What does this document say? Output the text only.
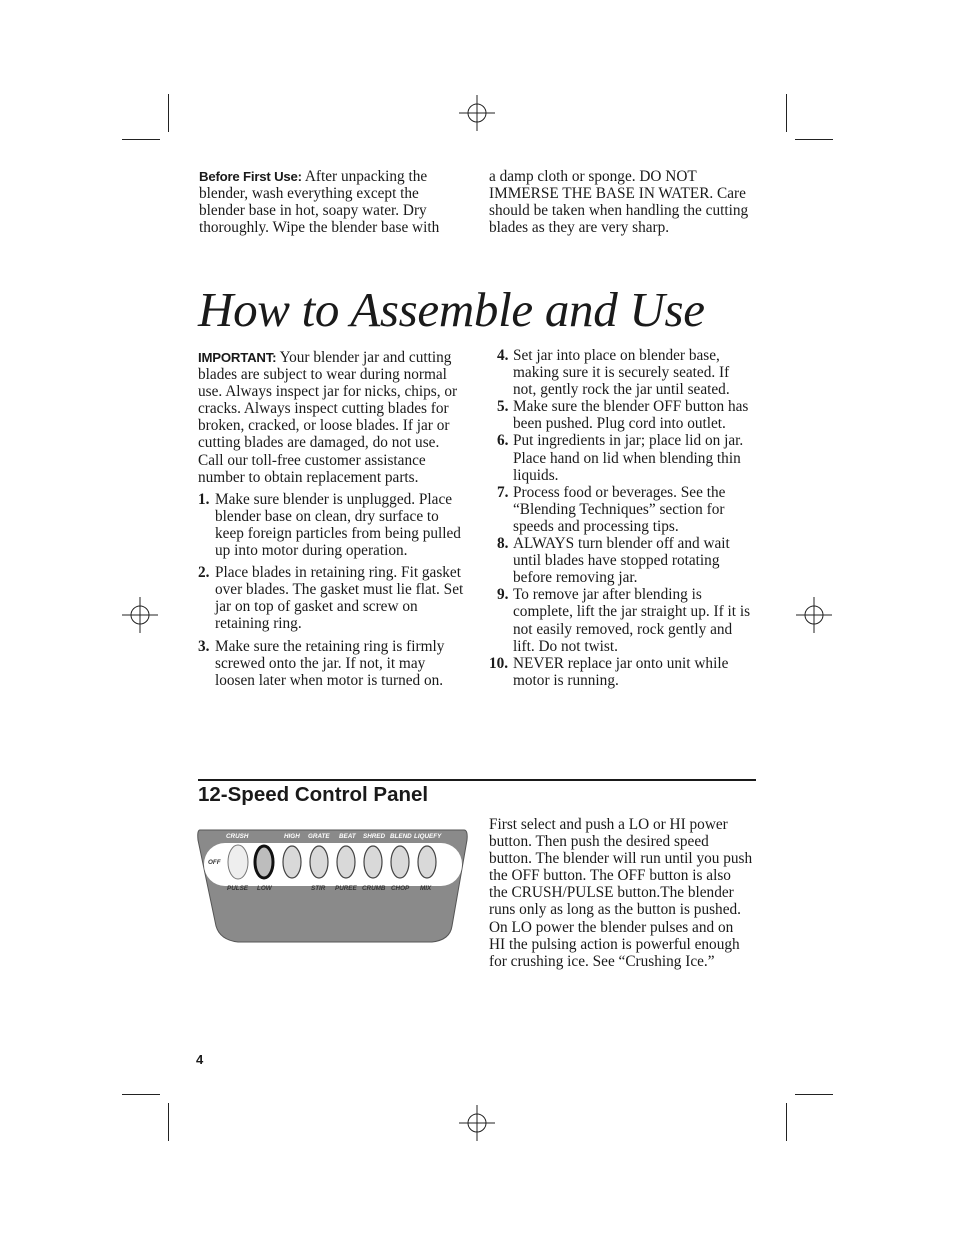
Before First Use: After unpacking the blender, wash everything except the blender base in hot, soapy water. Dry thoroughly. Wipe the blender base with

a damp cloth or sponge. DO NOT IMMERSE THE BASE IN WATER. Care should be taken when handling the cutting blades as they are very sharp.

How to Assemble and Use

IMPORTANT: Your blender jar and cutting blades are subject to wear during normal use. Always inspect jar for nicks, chips, or cracks. Always inspect cutting blades for broken, cracked, or loose blades. If jar or cutting blades are damaged, do not use. Call our toll-free customer assistance number to obtain replacement parts.

1. Make sure blender is unplugged. Place blender base on clean, dry surface to keep foreign particles from being pulled up into motor during operation.
2. Place blades in retaining ring. Fit gasket over blades. The gasket must lie flat. Set jar on top of gasket and screw on retaining ring.
3. Make sure the retaining ring is firmly screwed onto the jar. If not, it may loosen later when motor is turned on.
4. Set jar into place on blender base, making sure it is securely seated. If not, gently rock the jar until seated.
5. Make sure the blender OFF button has been pushed. Plug cord into outlet.
6. Put ingredients in jar; place lid on jar. Place hand on lid when blending thin liquids.
7. Process food or beverages. See the “Blending Techniques” section for speeds and processing tips.
8. ALWAYS turn blender off and wait until blades have stopped rotating before removing jar.
9. To remove jar after blending is complete, lift the jar straight up. If it is not easily removed, rock gently and lift. Do not twist.
10. NEVER replace jar onto unit while motor is running.
12-Speed Control Panel
CRUSH	HIGH GRATE BEAT SHRED BLEND LIQUEFY
OFF
PULSE LOW	STIR PUREE CRUMB CHOP MIX

First select and push a LO or HI power button. Then push the desired speed button. The blender will run until you push the OFF button. The OFF button is also the CRUSH/PULSE button.The blender runs only as long as the button is pushed. On LO power the blender pulses and on HI the pulsing action is powerful enough for crushing ice. See “Crushing Ice.”

4
